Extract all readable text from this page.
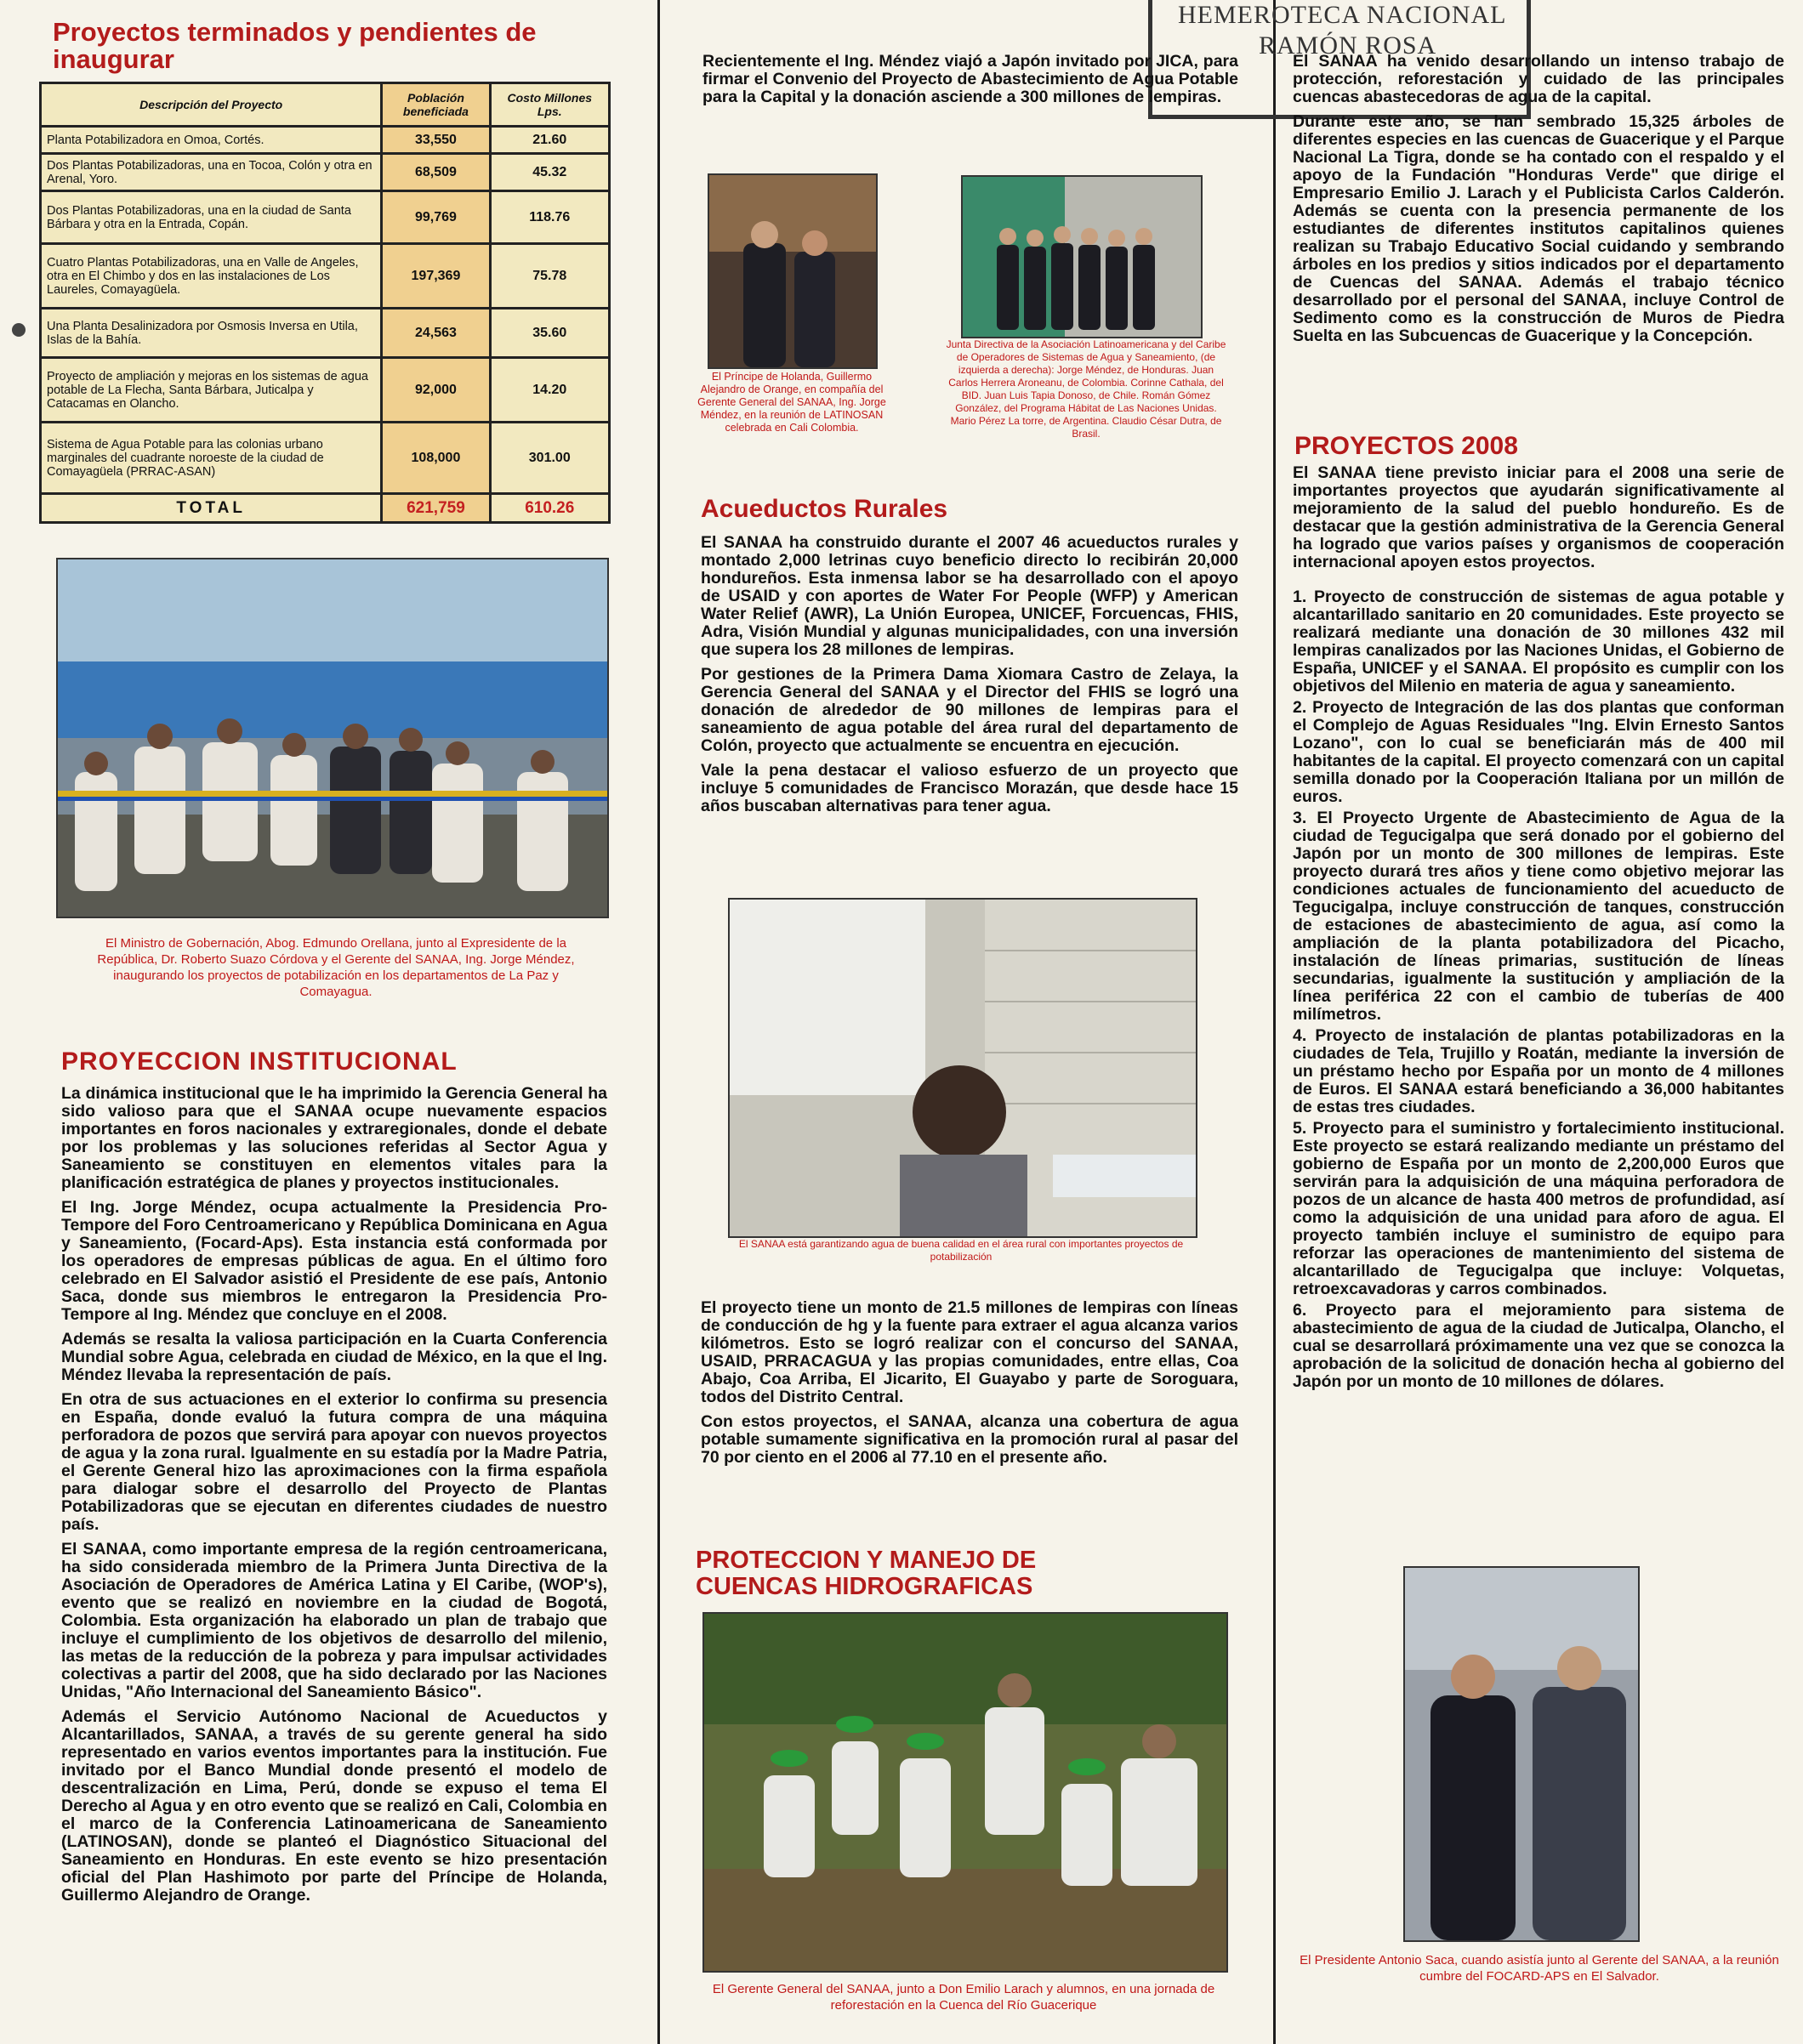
HEMEROTECA NACIONAL
RAMÓN ROSA
Proyectos terminados y pendientes de inaugurar
Descripción del Proyecto	Población beneficiada	Costo Millones Lps.
Planta Potabilizadora en Omoa, Cortés.	33,550	21.60
Dos Plantas Potabilizadoras, una en Tocoa, Colón y otra en Arenal, Yoro.	68,509	45.32
Dos Plantas Potabilizadoras, una en la ciudad de Santa Bárbara y otra en la Entrada, Copán.	99,769	118.76
Cuatro Plantas Potabilizadoras, una en Valle de Angeles, otra en El Chimbo y dos en las instalaciones de Los Laureles, Comayagüela.	197,369	75.78
Una Planta Desalinizadora por Osmosis Inversa en Utila, Islas de la Bahía.	24,563	35.60
Proyecto de ampliación y mejoras en los sistemas de agua potable de La Flecha, Santa Bárbara, Juticalpa y Catacamas en Olancho.	92,000	14.20
Sistema de Agua Potable para las colonias urbano marginales del cuadrante noroeste de la ciudad de Comayagüela (PRRAC-ASAN)	108,000	301.00
TOTAL	621,759	610.26
El Ministro de Gobernación, Abog. Edmundo Orellana, junto al Expresidente de la República, Dr. Roberto Suazo Córdova y el Gerente del SANAA, Ing. Jorge Méndez, inaugurando los proyectos de potabilización en los departamentos de La Paz y Comayagua.
PROYECCION INSTITUCIONAL

La dinámica institucional que le ha imprimido la Gerencia General ha sido valioso para que el SANAA ocupe nuevamente espacios importantes en foros nacionales y extraregionales, donde el debate por los problemas y las soluciones referidas al Sector Agua y Saneamiento se constituyen en elementos vitales para la planificación estratégica de planes y proyectos institucionales.

El Ing. Jorge Méndez, ocupa actualmente la Presidencia Pro-Tempore del Foro Centroamericano y República Dominicana en Agua y Saneamiento, (Focard-Aps). Esta instancia está conformada por los operadores de empresas públicas de agua. En el último foro celebrado en El Salvador asistió el Presidente de ese país, Antonio Saca, donde sus miembros le entregaron la Presidencia Pro-Tempore al Ing. Méndez que concluye en el 2008.

Además se resalta la valiosa participación en la Cuarta Conferencia Mundial sobre Agua, celebrada en ciudad de México, en la que el Ing. Méndez llevaba la representación de país.

En otra de sus actuaciones en el exterior lo confirma su presencia en España, donde evaluó la futura compra de una máquina perforadora de pozos que servirá para apoyar con nuevos proyectos de agua y la zona rural. Igualmente en su estadía por la Madre Patria, el Gerente General hizo las aproximaciones con la firma española para dialogar sobre el desarrollo del Proyecto de Plantas Potabilizadoras que se ejecutan en diferentes ciudades de nuestro país.

El SANAA, como importante empresa de la región centroamericana, ha sido considerada miembro de la Primera Junta Directiva de la Asociación de Operadores de América Latina y El Caribe, (WOP's), evento que se realizó en noviembre en la ciudad de Bogotá, Colombia. Esta organización ha elaborado un plan de trabajo que incluye el cumplimiento de los objetivos de desarrollo del milenio, las metas de la reducción de la pobreza y para impulsar actividades colectivas a partir del 2008, que ha sido declarado por las Naciones Unidas, "Año Internacional del Saneamiento Básico".

Además el Servicio Autónomo Nacional de Acueductos y Alcantarillados, SANAA, a través de su gerente general ha sido representado en varios eventos importantes para la institución. Fue invitado por el Banco Mundial donde presentó el modelo de descentralización en Lima, Perú, donde se expuso el tema El Derecho al Agua y en otro evento que se realizó en Cali, Colombia en el marco de la Conferencia Latinoamericana de Saneamiento (LATINOSAN), donde se planteó el Diagnóstico Situacional del Saneamiento en Honduras. En este evento se hizo presentación oficial del Plan Hashimoto por parte del Príncipe de Holanda, Guillermo Alejandro de Orange.

Recientemente el Ing. Méndez viajó a Japón invitado por JICA, para firmar el Convenio del Proyecto de Abastecimiento de Agua Potable para la Capital y la donación asciende a 300 millones de lempiras.
El Príncipe de Holanda, Guillermo Alejandro de Orange, en compañía del Gerente General del SANAA, Ing. Jorge Méndez, en la reunión de LATINOSAN celebrada en Cali Colombia.
Junta Directiva de la Asociación Latinoamericana y del Caribe de Operadores de Sistemas de Agua y Saneamiento, (de izquierda a derecha): Jorge Méndez, de Honduras. Juan Carlos Herrera Aroneanu, de Colombia. Corinne Cathala, del BID. Juan Luis Tapia Donoso, de Chile. Román Gómez González, del Programa Hábitat de Las Naciones Unidas. Mario Pérez La torre, de Argentina. Claudio César Dutra, de Brasil.
Acueductos Rurales

El SANAA ha construido durante el 2007 46 acueductos rurales y montado 2,000 letrinas cuyo beneficio directo lo recibirán 20,000 hondureños. Esta inmensa labor se ha desarrollado con el apoyo de USAID y con aportes de Water For People (WFP) y American Water Relief (AWR), La Unión Europea, UNICEF, Forcuencas, FHIS, Adra, Visión Mundial y algunas municipalidades, con una inversión que supera los 28 millones de lempiras.

Por gestiones de la Primera Dama Xiomara Castro de Zelaya, la Gerencia General del SANAA y el Director del FHIS se logró una donación de alrededor de 90 millones de lempiras para el saneamiento de agua potable del área rural del departamento de Colón, proyecto que actualmente se encuentra en ejecución.

Vale la pena destacar el valioso esfuerzo de un proyecto que incluye 5 comunidades de Francisco Morazán, que desde hace 15 años buscaban alternativas para tener agua.

El SANAA está garantizando agua de buena calidad en el área rural con importantes proyectos de potabilización

El proyecto tiene un monto de 21.5 millones de lempiras con líneas de conducción de hg y la fuente para extraer el agua alcanza varios kilómetros. Esto se logró realizar con el concurso del SANAA, USAID, PRRACAGUA y las propias comunidades, entre ellas, Coa Abajo, Coa Arriba, El Jicarito, El Guayabo y parte de Soroguara, todos del Distrito Central.

Con estos proyectos, el SANAA, alcanza una cobertura de agua potable sumamente significativa en la promoción rural al pasar del 70 por ciento en el 2006 al 77.10 en el presente año.

PROTECCION Y MANEJO DE
CUENCAS HIDROGRAFICAS
El Gerente General del SANAA, junto a Don Emilio Larach y alumnos, en una jornada de reforestación en la Cuenca del Río Guacerique

El SANAA ha venido desarrollando un intenso trabajo de protección, reforestación y cuidado de las principales cuencas abastecedoras de agua de la capital.

Durante este año, se han sembrado 15,325 árboles de diferentes especies en las cuencas de Guacerique y el Parque Nacional La Tigra, donde se ha contado con el respaldo y el apoyo de la Fundación "Honduras Verde" que dirige el Empresario Emilio J. Larach y el Publicista Carlos Calderón. Además se cuenta con la presencia permanente de los estudiantes de diferentes institutos capitalinos quienes realizan su Trabajo Educativo Social cuidando y sembrando árboles en los predios y sitios indicados por el departamento de Cuencas del SANAA. Además el trabajo técnico desarrollado por el personal del SANAA, incluye Control de Sedimento como es la construcción de Muros de Piedra Suelta en las Subcuencas de Guacerique y la Concepción.

PROYECTOS 2008

El SANAA tiene previsto iniciar para el 2008 una serie de importantes proyectos que ayudarán significativamente al mejoramiento de la salud del pueblo hondureño. Es de destacar que la gestión administrativa de la Gerencia General ha logrado que varios países y organismos de cooperación internacional apoyen estos proyectos.

1. Proyecto de construcción de sistemas de agua potable y alcantarillado sanitario en 20 comunidades. Este proyecto se realizará mediante una donación de 30 millones 432 mil lempiras canalizados por las Naciones Unidas, el Gobierno de España, UNICEF y el SANAA. El propósito es cumplir con los objetivos del Milenio en materia de agua y saneamiento.

2. Proyecto de Integración de las dos plantas que conforman el Complejo de Aguas Residuales "Ing. Elvin Ernesto Santos Lozano", con lo cual se beneficiarán más de 400 mil habitantes de la capital. El proyecto comenzará con un capital semilla donado por la Cooperación Italiana por un millón de euros.

3. El Proyecto Urgente de Abastecimiento de Agua de la ciudad de Tegucigalpa que será donado por el gobierno del Japón por un monto de 300 millones de lempiras. Este proyecto durará tres años y tiene como objetivo mejorar las condiciones actuales de funcionamiento del acueducto de Tegucigalpa, incluye construcción de tanques, construcción de estaciones de abastecimiento de agua, así como la ampliación de la planta potabilizadora del Picacho, instalación de líneas primarias, sustitución de líneas secundarias, igualmente la sustitución y ampliación de la línea periférica 22 con el cambio de tuberías de 400 milímetros.

4. Proyecto de instalación de plantas potabilizadoras en la ciudades de Tela, Trujillo y Roatán, mediante la inversión de un préstamo hecho por España por un monto de 4 millones de Euros. El SANAA estará beneficiando a 36,000 habitantes de estas tres ciudades.

5. Proyecto para el suministro y fortalecimiento institucional. Este proyecto se estará realizando mediante un préstamo del gobierno de España por un monto de 2,200,000 Euros que servirán para la adquisición de una máquina perforadora de pozos de un alcance de hasta 400 metros de profundidad, así como la adquisición de una unidad para aforo de agua. El proyecto también incluye el suministro de equipo para reforzar las operaciones de mantenimiento del sistema de alcantarillado de Tegucigalpa que incluye: Volquetas, retroexcavadoras y carros combinados.

6. Proyecto para el mejoramiento para sistema de abastecimiento de agua de la ciudad de Juticalpa, Olancho, el cual se desarrollará próximamente una vez que se conozca la aprobación de la solicitud de donación hecha al gobierno del Japón por un monto de 10 millones de dólares.

El Presidente Antonio Saca, cuando asistía junto al Gerente del SANAA, a la reunión cumbre del FOCARD-APS en El Salvador.
